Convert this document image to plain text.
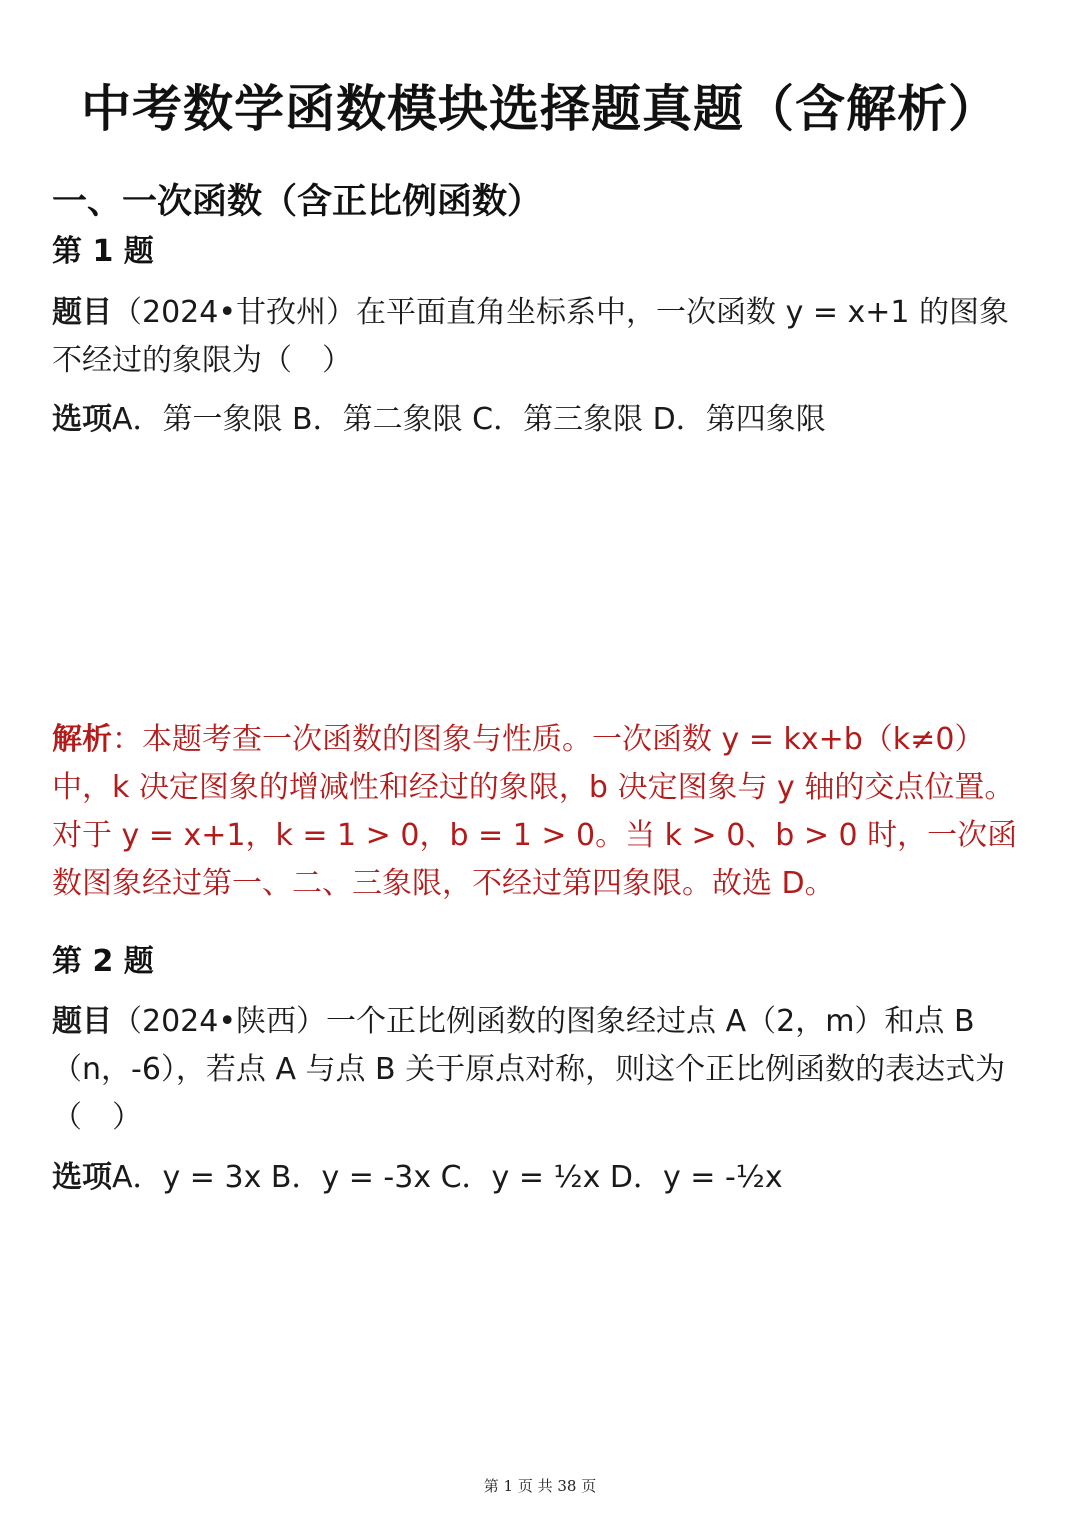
中考数学函数模块选择题真题（含解析）
一、一次函数（含正比例函数）
第 1 题

题目（2024•甘孜州）在平面直角坐标系中，一次函数 y = x+1 的图象不经过的象限为（　）

选项A．第一象限 B．第二象限 C．第三象限 D．第四象限

解析：本题考查一次函数的图象与性质。一次函数 y = kx+b（k≠0）中，k 决定图象的增减性和经过的象限，b 决定图象与 y 轴的交点位置。对于 y = x+1，k = 1 > 0，b = 1 > 0。当 k > 0、b > 0 时，一次函数图象经过第一、二、三象限，不经过第四象限。故选 D。

第 2 题

题目（2024•陕西）一个正比例函数的图象经过点 A（2，m）和点 B（n，-6），若点 A 与点 B 关于原点对称，则这个正比例函数的表达式为（　）

选项A．y = 3x B．y = -3x C．y = ½x D．y = -½x

第 1 页 共 38 页
